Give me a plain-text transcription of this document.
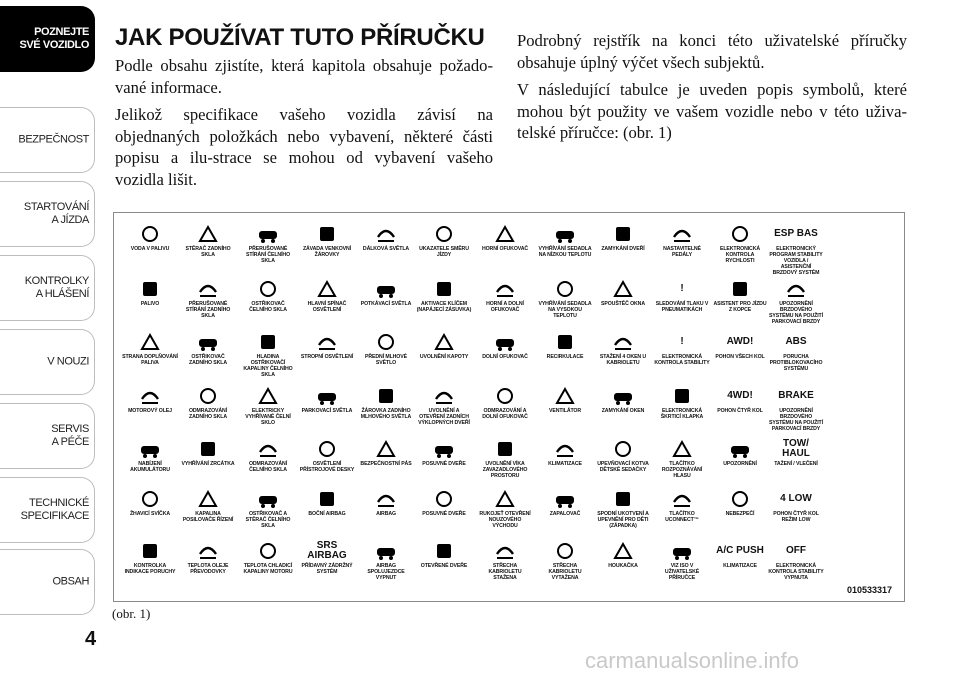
POZNEJTE
SVÉ VOZIDLO
BEZPEČNOST
STARTOVÁNÍ
A JÍZDA
KONTROLKY
A HLÁŠENÍ
V NOUZI
SERVIS
A PÉČE
TECHNICKÉ
SPECIFIKACE
OBSAH
JAK POUŽÍVAT TUTO PŘÍRUČKU

Podle obsahu zjistíte, která kapitola obsahuje požado-vané informace.

Jelikož specifikace vašeho vozidla závisí na objednaných položkách nebo vybavení, některé části popisu a ilu-strace se mohou od vybavení vašeho vozidla lišit.

Podrobný rejstřík na konci této uživatelské příručky obsahuje úplný výčet všech subjektů.

V následující tabulce je uveden popis symbolů, které mohou být použity ve vašem vozidle nebo v této uživa-telské příručce: (obr. 1)

010533317
VODA V PALIVU
PALIVO
STRANA DOPLŇOVÁNÍ PALIVA
MOTOROVÝ OLEJ
NABÍJENÍ AKUMULÁTORU
ŽHAVICÍ SVÍČKA
KONTROLKA INDIKACE PORUCHY
STĚRAČ ZADNÍHO SKLA
PŘERUŠOVANÉ STÍRÁNÍ ZADNÍHO SKLA
OSTŘIKOVAČ ZADNÍHO SKLA
ODMRAZOVÁNÍ ZADNÍHO SKLA
VYHŘÍVÁNÍ ZRCÁTKA
KAPALINA POSILOVAČE ŘÍZENÍ
TEPLOTA OLEJE PŘEVODOVKY
PŘERUŠOVANÉ STÍRÁNÍ ČELNÍHO SKLA
OSTŘIKOVAČ ČELNÍHO SKLA
HLADINA OSTŘIKOVAČÍ KAPALINY ČELNÍHO SKLA
ELEKTRICKY VYHŘÍVANÉ ČELNÍ SKLO
ODMRAZOVÁNÍ ČELNÍHO SKLA
OSTŘIKOVAČ A STĚRAČ ČELNÍHO SKLA
TEPLOTA CHLADICÍ KAPALINY MOTORU
ZÁVADA VENKOVNÍ ŽÁROVKY
HLAVNÍ SPÍNAČ OSVĚTLENÍ
STROPNÍ OSVĚTLENÍ
PARKOVACÍ SVĚTLA
OSVĚTLENÍ PŘÍSTROJOVÉ DESKY
BOČNÍ AIRBAG
SRS AIRBAG
PŘÍDAVNÝ ZÁDRŽNÝ SYSTÉM
DÁLKOVÁ SVĚTLA
POTKÁVACÍ SVĚTLA
PŘEDNÍ MLHOVÉ SVĚTLO
ŽÁROVKA ZADNÍHO MLHOVÉHO SVĚTLA
BEZPEČNOSTNÍ PÁS
AIRBAG
AIRBAG SPOLUJEZDCE VYPNUT
UKAZATELE SMĚRU JÍZDY
AKTIVACE KLÍČEM (NAPÁJECÍ ZÁSUVKA)
UVOLNĚNÍ KAPOTY
UVOLNĚNÍ A OTEVŘENÍ ZADNÍCH VÝKLOPNÝCH DVEŘÍ
POSUVNÉ DVEŘE
POSUVNÉ DVEŘE
OTEVŘENÉ DVEŘE
HORNÍ OFUKOVAČ
HORNÍ A DOLNÍ OFUKOVAČ
DOLNÍ OFUKOVAČ
ODMRAZOVÁNÍ A DOLNÍ OFUKOVAČ
UVOLNĚNÍ VÍKA ZAVAZADLOVÉHO PROSTORU
RUKOJEŤ OTEVŘENÍ NOUZOVÉHO VÝCHODU
STŘECHA KABRIOLETU STAŽENA
VYHŘÍVÁNÍ SEDADLA NA NÍZKOU TEPLOTU
VYHŘÍVÁNÍ SEDADLA NA VYSOKOU TEPLOTU
RECIRKULACE
VENTILÁTOR
KLIMATIZACE
ZAPALOVAČ
STŘECHA KABRIOLETU VYTAŽENA
ZAMYKÁNÍ DVEŘÍ
SPOUŠTĚČ OKNA
STAŽENÍ 4 OKEN U KABRIOLETU
ZAMYKÁNÍ OKEN
UPEVŇOVACÍ KOTVA DĚTSKÉ SEDAČKY
SPODNÍ UKOTVENÍ A UPEVNĚNÍ PRO DĚTI (ZÁPADKA)
HOUKAČKA
NASTAVITELNÉ PEDÁLY
!
SLEDOVÁNÍ TLAKU V PNEUMATIKÁCH
!
ELEKTRONICKÁ KONTROLA STABILITY
ELEKTRONICKÁ ŠKRTICÍ KLAPKA
TLAČÍTKO ROZPOZNÁVÁNÍ HLASU
TLAČÍTKO UCONNECT™
VIZ ISO V UŽIVATELSKÉ PŘÍRUČCE
ELEKTRONICKÁ KONTROLA RYCHLOSTI
ASISTENT PRO JÍZDU Z KOPCE
AWD!
POHON VŠECH KOL
4WD!
POHON ČTYŘ KOL
UPOZORNĚNÍ
NEBEZPEČÍ
A/C PUSH
KLIMATIZACE
ESP BAS
ELEKTRONICKÝ PROGRAM STABILITY VOZIDLA / ASISTENČNÍ BRZDOVÝ SYSTÉM
UPOZORNĚNÍ BRZDOVÉHO SYSTÉMU NA POUŽITÍ PARKOVACÍ BRZDY
ABS
PORUCHA PROTIBLOKOVACÍHO SYSTÉMU
BRAKE
UPOZORNĚNÍ BRZDOVÉHO SYSTÉMU NA POUŽITÍ PARKOVACÍ BRZDY
TOW/ HAUL
TAŽENÍ / VLEČENÍ
4 LOW
POHON ČTYŘ KOL REŽIM LOW
OFF
ELEKTRONICKÁ KONTROLA STABILITY VYPNUTA
(obr. 1)
4
carmanualsonline.info
